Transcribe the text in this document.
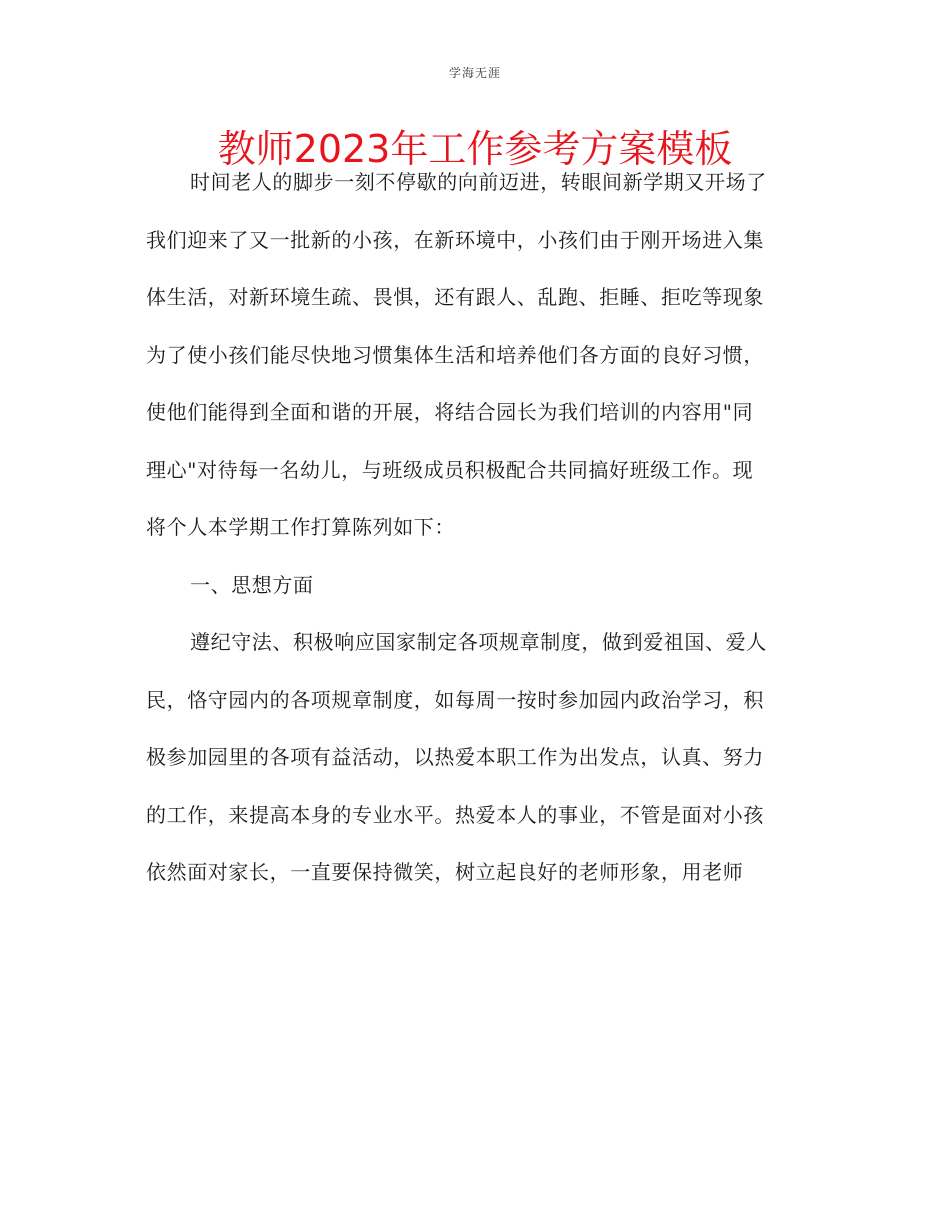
学海无涯
教师2023年工作参考方案模板
时间老人的脚步一刻不停歇的向前迈进，转眼间新学期又开场了
我们迎来了又一批新的小孩，在新环境中，小孩们由于刚开场进入集
体生活，对新环境生疏、畏惧，还有跟人、乱跑、拒睡、拒吃等现象
为了使小孩们能尽快地习惯集体生活和培养他们各方面的良好习惯，
使他们能得到全面和谐的开展，将结合园长为我们培训的内容用"同
理心"对待每一名幼儿，与班级成员积极配合共同搞好班级工作。现
将个人本学期工作打算陈列如下：
一、思想方面
遵纪守法、积极响应国家制定各项规章制度，做到爱祖国、爱人
民，恪守园内的各项规章制度，如每周一按时参加园内政治学习，积
极参加园里的各项有益活动，以热爱本职工作为出发点，认真、努力
的工作，来提高本身的专业水平。热爱本人的事业，不管是面对小孩
依然面对家长，一直要保持微笑，树立起良好的老师形象，用老师
